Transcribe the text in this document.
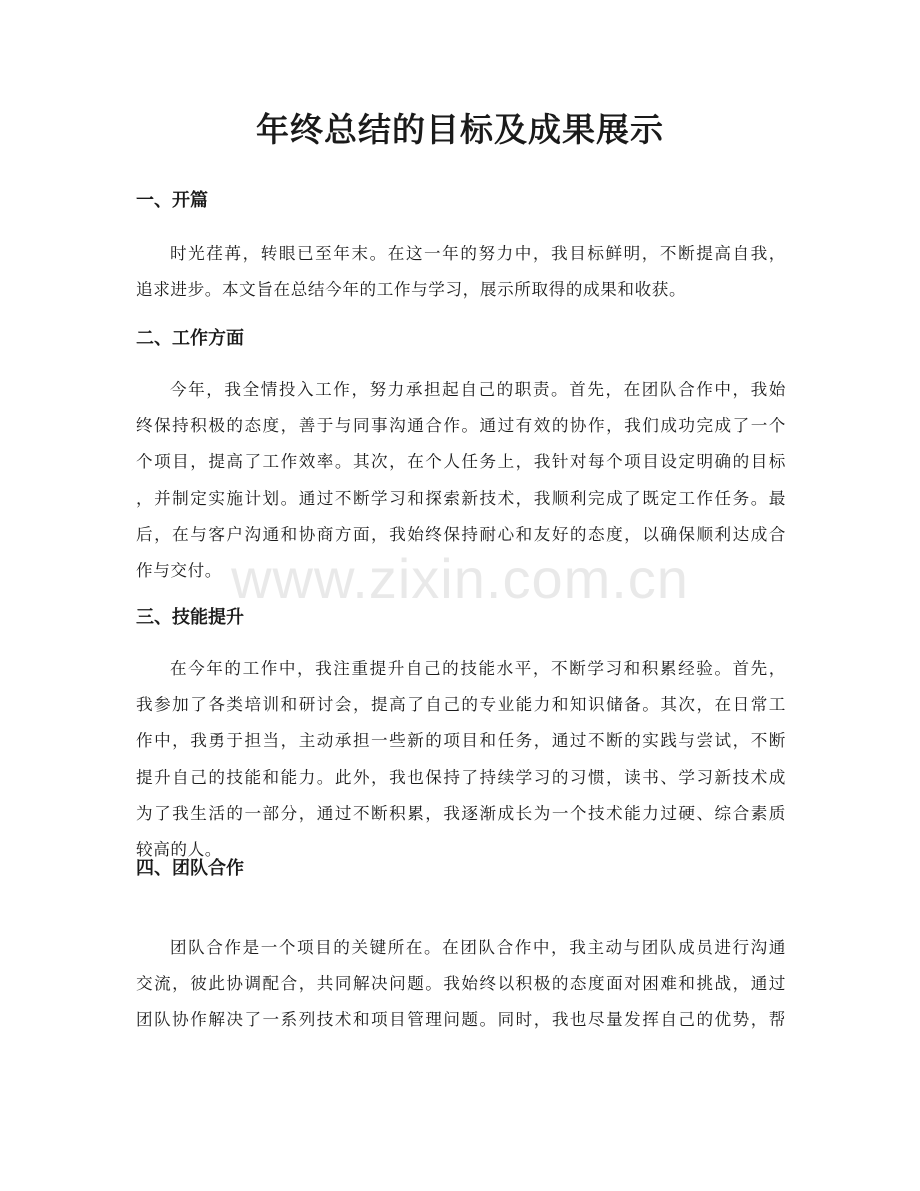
www.zixin.com.cn
年终总结的目标及成果展示
一、开篇
时光荏苒，转眼已至年末。在这一年的努力中，我目标鲜明，不断提高自我，
追求进步。本文旨在总结今年的工作与学习，展示所取得的成果和收获。
二、工作方面
今年，我全情投入工作，努力承担起自己的职责。首先，在团队合作中，我始
终保持积极的态度，善于与同事沟通合作。通过有效的协作，我们成功完成了一个
个项目，提高了工作效率。其次，在个人任务上，我针对每个项目设定明确的目标
，并制定实施计划。通过不断学习和探索新技术，我顺利完成了既定工作任务。最
后，在与客户沟通和协商方面，我始终保持耐心和友好的态度，以确保顺利达成合
作与交付。
三、技能提升
在今年的工作中，我注重提升自己的技能水平，不断学习和积累经验。首先，
我参加了各类培训和研讨会，提高了自己的专业能力和知识储备。其次，在日常工
作中，我勇于担当，主动承担一些新的项目和任务，通过不断的实践与尝试，不断
提升自己的技能和能力。此外，我也保持了持续学习的习惯，读书、学习新技术成
为了我生活的一部分，通过不断积累，我逐渐成长为一个技术能力过硬、综合素质
较高的人。
四、团队合作
团队合作是一个项目的关键所在。在团队合作中，我主动与团队成员进行沟通
交流，彼此协调配合，共同解决问题。我始终以积极的态度面对困难和挑战，通过
团队协作解决了一系列技术和项目管理问题。同时，我也尽量发挥自己的优势，帮
